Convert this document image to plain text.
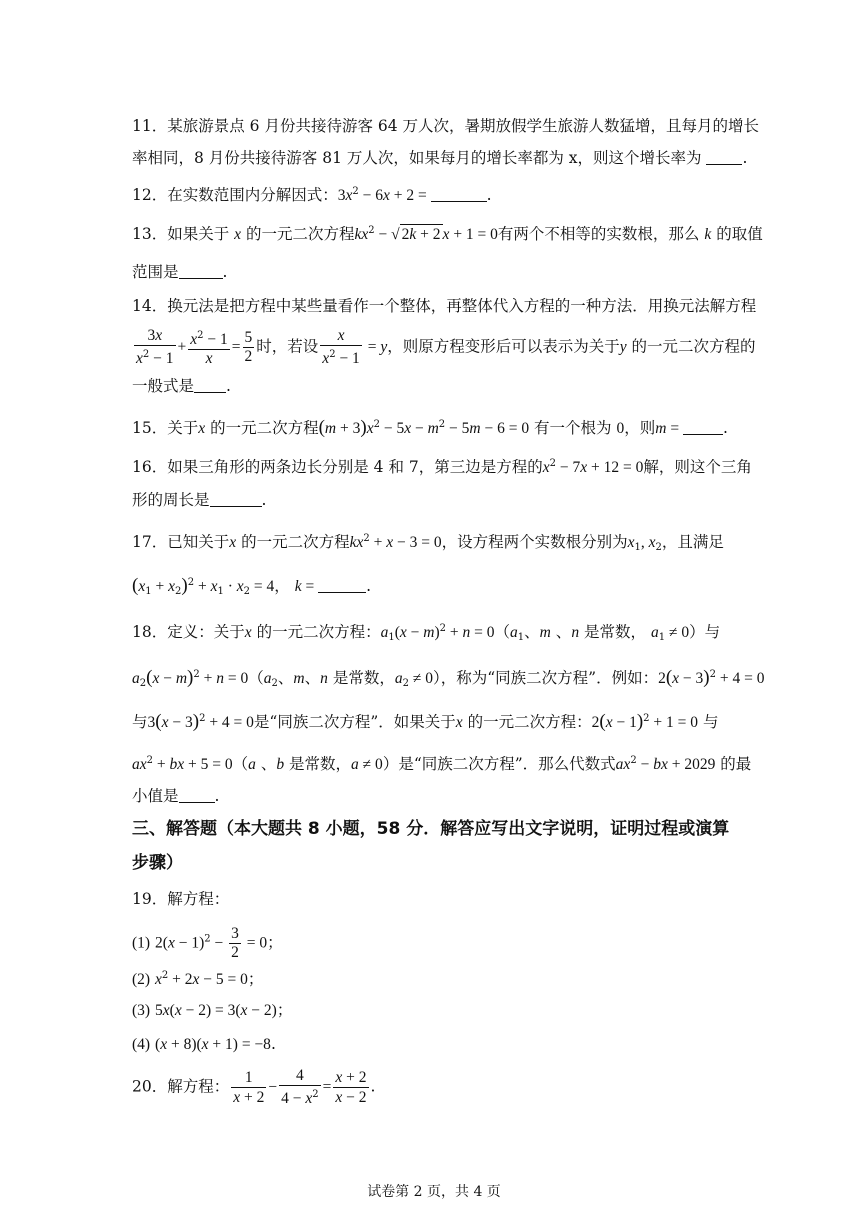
11．某旅游景点 6 月份共接待游客 64 万人次，暑期放假学生旅游人数猛增，且每月的增长
率相同，8 月份共接待游客 81 万人次，如果每月的增长率都为 x，则这个增长率为	.
12．在实数范围内分解因式：$3x^2 - 6x + 2$ =	.
13．如果关于 x 的一元二次方程$kx^2$ − √ 2k + 2 x + 1 = 0有两个不相等的实数根，那么 k 的取值
范围是	.
14．换元法是把方程中某些量看作一个整体，再整体代入方程的一种方法．用换元法解方程
$\frac{3x}{x^2 - 1} + \frac{x^2 - 1}{x} = \frac{5}{2}$ 时，若设 $\frac{x}{x^2 - 1} = y$，则原方程变形后可以表示为关于y 的一元二次方程的
一般式是 .
15．关于x 的一元二次方程$(m + 3)x^2 - 5x - m^2 - 5m - 6 = 0$ 有一个根为 0，则m =	.
16．如果三角形的两条边长分别是 4 和 7，第三边是方程的$x^2 - 7x + 12 = 0$解，则这个三角
形的周长是	.
17．已知关于x 的一元二次方程$kx^2 + x - 3 = 0$，设方程两个实数根分别为$x_1$, $x_2$，且满足
$(x_1 + x_2)^2 + x_1 \cdot x_2 = 4$， k =	.
18．定义：关于x 的一元二次方程：$a_1(x - m)^2 + n = 0(a_1$、m 、n 是常数， $a_1 \ne 0$）与
$a_2(x - m)^2 + n = 0(a_2$、m、n 是常数，$a_2 \ne 0$），称为“同族二次方程”．例如：$2(x - 3)^2 + 4 = 0$
与$3(x - 3)^2 + 4 = 0$是“同族二次方程”．如果关于x 的一元二次方程：$2(x - 1)^2 + 1 = 0$ 与
$ax^2$ + bx + 5 = 0（a 、b 是常数，a ≠ 0）是“同族二次方程”．那么代数式$ax^2$ − bx + 2029 的最
小值是 .
三、解答题（本大题共 8 小题，58 分．解答应写出文字说明，证明过程或演算
步骤）
19．解方程：
(1) $2(x - 1)^2 - \frac{3}{2} = 0$；
(2) $x^2 + 2x - 5 = 0$；
(3) 5x(x − 2) = 3(x − 2)；
(4) (x + 8)(x + 1) = −8.
20．解方程： $\frac{1}{x + 2} - \frac{4}{4 - x^2} = \frac{x + 2}{x - 2}$ .
试卷第 2 页，共 4 页
